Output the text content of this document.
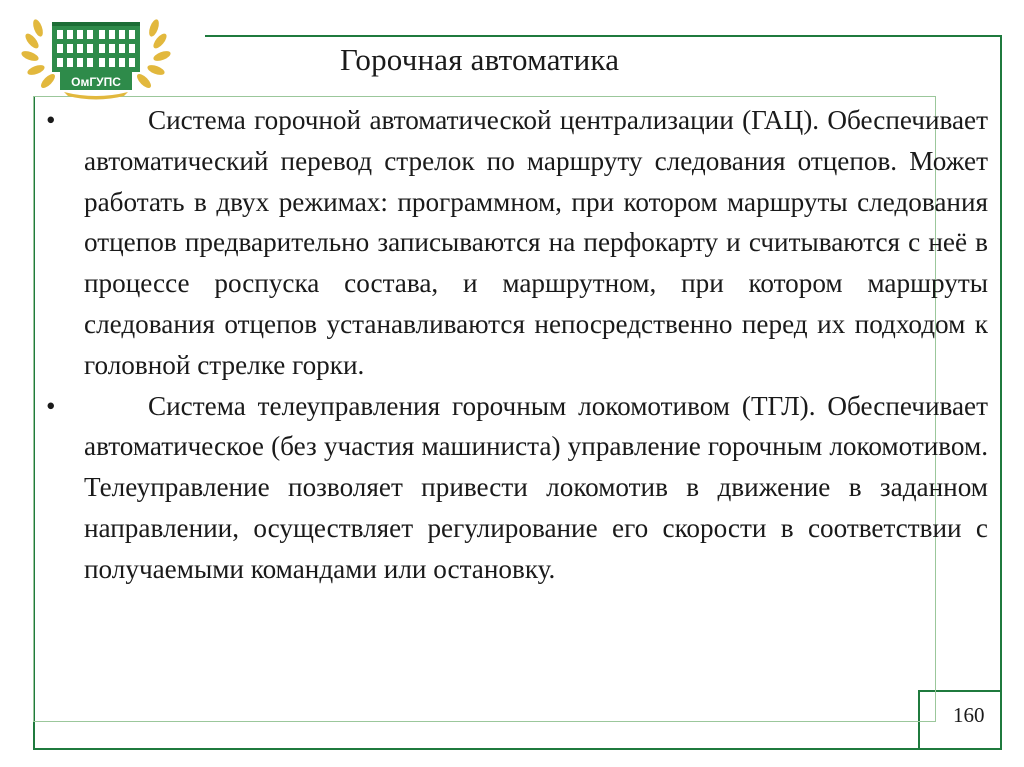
ОмГУПС
Горочная автоматика
•	Система горочной автоматической централизации (ГАЦ). Обеспечивает автоматический перевод стрелок по маршруту следования отцепов. Может работать в двух режимах: программном, при котором маршруты следования отцепов предварительно записываются на перфокарту и считываются с неё в процессе роспуска состава, и маршрутном, при котором маршруты следования отцепов устанавливаются непосредственно перед их подходом к головной стрелке горки.
•	Система телеуправления горочным локомотивом (ТГЛ). Обеспечивает автоматическое (без участия машиниста) управление горочным локомотивом. Телеуправление позволяет привести локомотив в движение в заданном направлении, осуществляет регулирование его скорости в соответствии с получаемыми командами или остановку.
160
